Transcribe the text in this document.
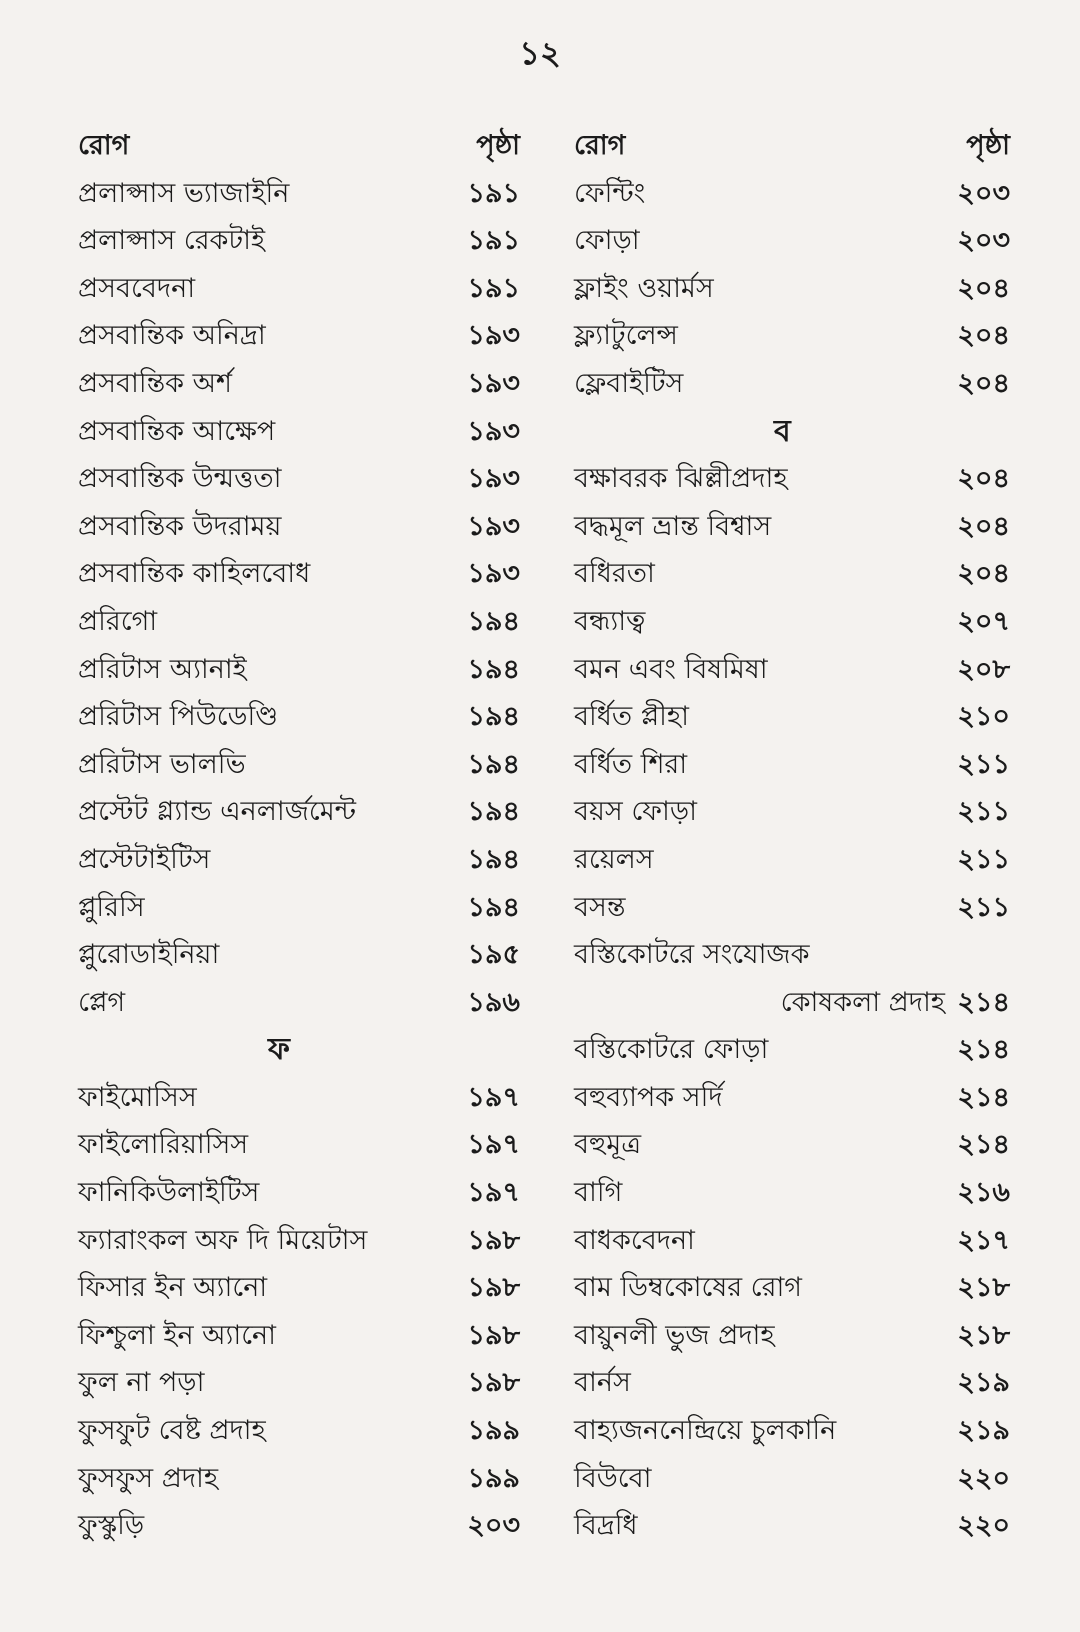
১২
রোগ	পৃষ্ঠা
প্রলাপ্সাস ভ্যাজাইনি	১৯১
প্রলাপ্সাস রেকটাই	১৯১
প্রসববেদনা	১৯১
প্রসবান্তিক অনিদ্রা	১৯৩
প্রসবান্তিক অর্শ	১৯৩
প্রসবান্তিক আক্ষেপ	১৯৩
প্রসবান্তিক উন্মত্ততা	১৯৩
প্রসবান্তিক উদরাময়	১৯৩
প্রসবান্তিক কাহিলবোধ	১৯৩
প্ররিগো	১৯৪
প্ররিটাস অ্যানাই	১৯৪
প্ররিটাস পিউডেণ্ডি	১৯৪
প্ররিটাস ভালভি	১৯৪
প্রস্টেট গ্ল্যান্ড এনলার্জমেন্ট	১৯৪
প্রস্টেটাইটিস	১৯৪
প্লুরিসি	১৯৪
প্লুরোডাইনিয়া	১৯৫
প্লেগ	১৯৬
ফ
ফাইমোসিস	১৯৭
ফাইলোরিয়াসিস	১৯৭
ফানিকিউলাইটিস	১৯৭
ফ্যারাংকল অফ দি মিয়েটাস	১৯৮
ফিসার ইন অ্যানো	১৯৮
ফিশ্চুলা ইন অ্যানো	১৯৮
ফুল না পড়া	১৯৮
ফুসফুট বেষ্ট প্রদাহ	১৯৯
ফুসফুস প্রদাহ	১৯৯
ফুস্কুড়ি	২০৩
রোগ	পৃষ্ঠা
ফেন্টিং	২০৩
ফোড়া	২০৩
ফ্লাইং ওয়ার্মস	২০৪
ফ্ল্যাটুলেন্স	২০৪
ফ্লেবাইটিস	২০৪
ব
বক্ষাবরক ঝিল্লীপ্রদাহ	২০৪
বদ্ধমূল ভ্রান্ত বিশ্বাস	২০৪
বধিরতা	২০৪
বন্ধ্যাত্ব	২০৭
বমন এবং বিষমিষা	২০৮
বর্ধিত প্লীহা	২১০
বর্ধিত শিরা	২১১
বয়স ফোড়া	২১১
রয়েলস	২১১
বসন্ত	২১১
বস্তিকোটরে সংযোজক
কোষকলা প্রদাহ ২১৪
বস্তিকোটরে ফোড়া	২১৪
বহুব্যাপক সর্দি	২১৪
বহুমূত্র	২১৪
বাগি	২১৬
বাধকবেদনা	২১৭
বাম ডিম্বকোষের রোগ	২১৮
বায়ুনলী ভুজ প্রদাহ	২১৮
বার্নস	২১৯
বাহ্যজননেন্দ্রিয়ে চুলকানি	২১৯
বিউবো	২২০
বিদ্রধি	২২০
